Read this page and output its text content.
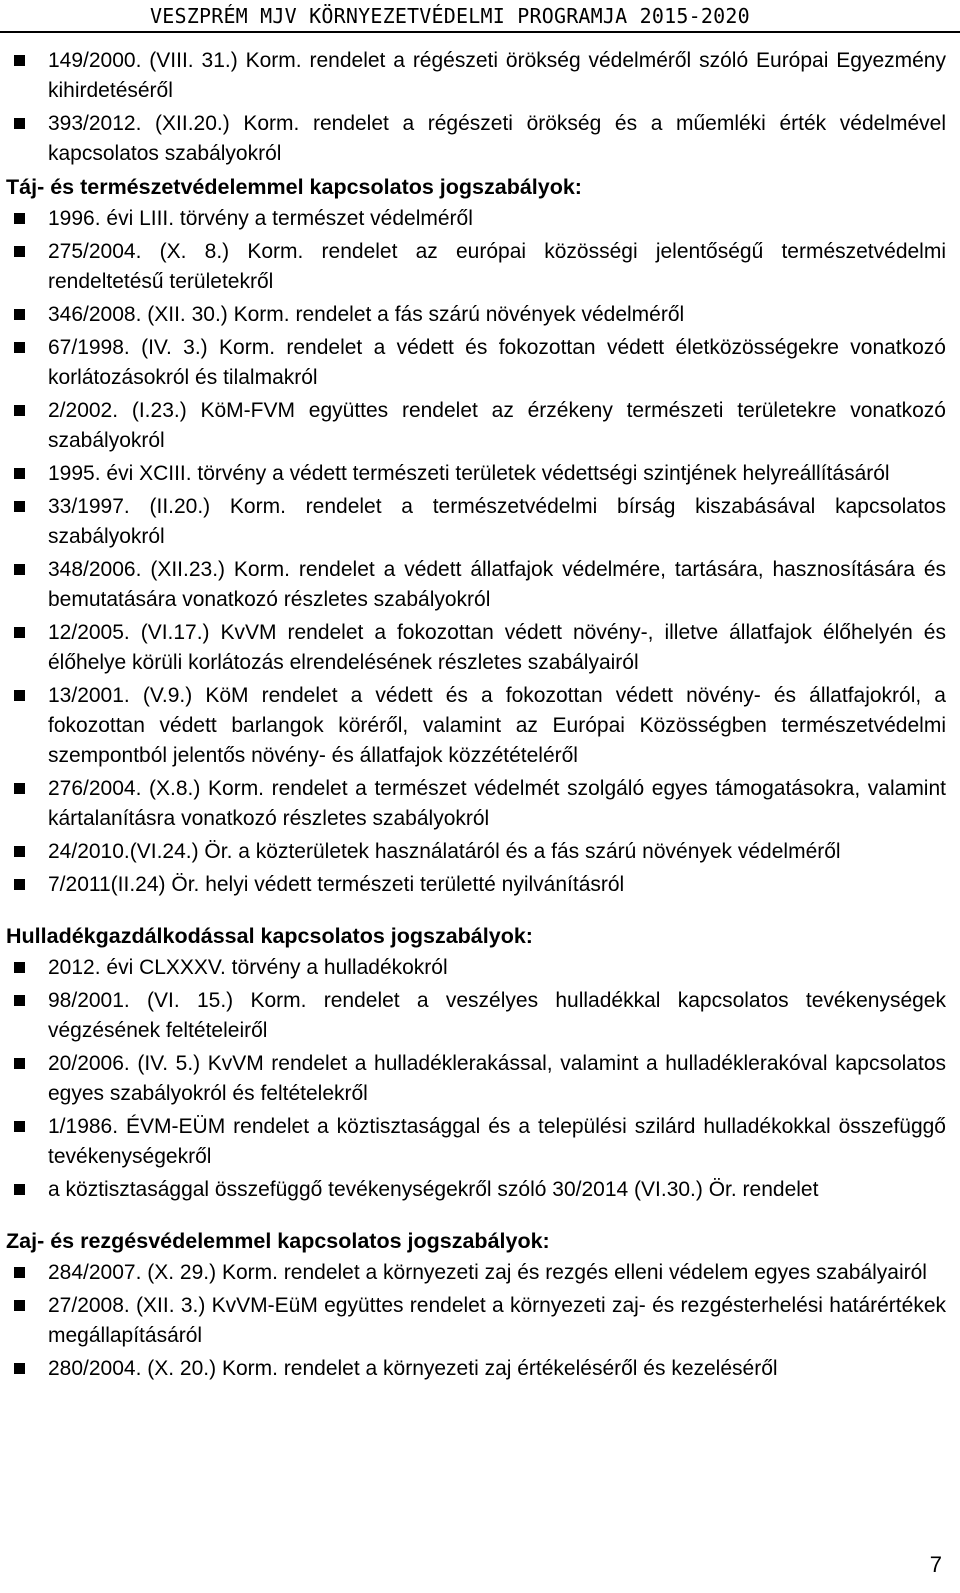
VESZPRÉM MJV KÖRNYEZETVÉDELMI PROGRAMJA 2015-2020
149/2000. (VIII. 31.) Korm. rendelet a régészeti örökség védelméről szóló Európai Egyezmény kihirdetéséről
393/2012. (XII.20.) Korm. rendelet a régészeti örökség és a műemléki érték védelmével kapcsolatos szabályokról
Táj- és természetvédelemmel kapcsolatos jogszabályok:
1996. évi LIII. törvény a természet védelméről
275/2004. (X. 8.) Korm. rendelet az európai közösségi jelentőségű természetvédelmi rendeltetésű területekről
346/2008. (XII. 30.) Korm. rendelet a fás szárú növények védelméről
67/1998. (IV. 3.) Korm. rendelet a védett és fokozottan védett életközösségekre vonatkozó korlátozásokról és tilalmakról
2/2002. (I.23.) KöM-FVM együttes rendelet az érzékeny természeti területekre vonatkozó szabályokról
1995. évi XCIII. törvény a védett természeti területek védettségi szintjének helyreállításáról
33/1997. (II.20.) Korm. rendelet a természetvédelmi bírság kiszabásával kapcsolatos szabályokról
348/2006. (XII.23.) Korm. rendelet a védett állatfajok védelmére, tartására, hasznosítására és bemutatására vonatkozó részletes szabályokról
12/2005. (VI.17.) KvVM rendelet a fokozottan védett növény-, illetve állatfajok élőhelyén és élőhelye körüli korlátozás elrendelésének részletes szabályairól
13/2001. (V.9.) KöM rendelet a védett és a fokozottan védett növény- és állatfajokról, a fokozottan védett barlangok köréről, valamint az Európai Közösségben természetvédelmi szempontból jelentős növény- és állatfajok közzétételéről
276/2004. (X.8.) Korm. rendelet a természet védelmét szolgáló egyes támogatásokra, valamint kártalanításra vonatkozó részletes szabályokról
24/2010.(VI.24.) Ör. a közterületek használatáról és a fás szárú növények védelméről
7/2011(II.24) Ör. helyi védett természeti területté nyilvánításról
Hulladékgazdálkodással kapcsolatos jogszabályok:
2012. évi CLXXXV. törvény a hulladékokról
98/2001. (VI. 15.) Korm. rendelet a veszélyes hulladékkal kapcsolatos tevékenységek végzésének feltételeiről
20/2006. (IV. 5.) KvVM rendelet a hulladéklerakással, valamint a hulladéklerakóval kapcsolatos egyes szabályokról és feltételekről
1/1986. ÉVM-EÜM rendelet a köztisztasággal és a települési szilárd hulladékokkal összefüggő tevékenységekről
a köztisztasággal összefüggő tevékenységekről szóló 30/2014 (VI.30.) Ör. rendelet
Zaj- és rezgésvédelemmel kapcsolatos jogszabályok:
284/2007. (X. 29.) Korm. rendelet a környezeti zaj és rezgés elleni védelem egyes szabályairól
27/2008. (XII. 3.) KvVM-EüM együttes rendelet a környezeti zaj- és rezgésterhelési határértékek megállapításáról
280/2004. (X. 20.) Korm. rendelet a környezeti zaj értékeléséről és kezeléséről
7
